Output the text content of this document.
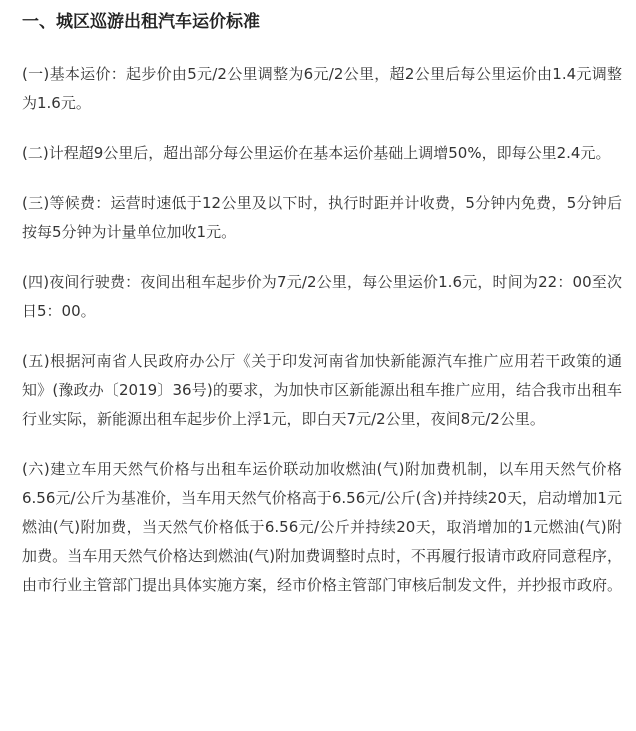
一、城区巡游出租汽车运价标准

(一)基本运价：起步价由5元/2公里调整为6元/2公里，超2公里后每公里运价由1.4元调整为1.6元。

(二)计程超9公里后，超出部分每公里运价在基本运价基础上调增50%，即每公里2.4元。

(三)等候费：运营时速低于12公里及以下时，执行时距并计收费，5分钟内免费，5分钟后按每5分钟为计量单位加收1元。

(四)夜间行驶费：夜间出租车起步价为7元/2公里，每公里运价1.6元，时间为22：00至次日5：00。

(五)根据河南省人民政府办公厅《关于印发河南省加快新能源汽车推广应用若干政策的通知》(豫政办〔2019〕36号)的要求，为加快市区新能源出租车推广应用，结合我市出租车行业实际，新能源出租车起步价上浮1元，即白天7元/2公里，夜间8元/2公里。

(六)建立车用天然气价格与出租车运价联动加收燃油(气)附加费机制，以车用天然气价格6.56元/公斤为基准价，当车用天然气价格高于6.56元/公斤(含)并持续20天，启动增加1元燃油(气)附加费，当天然气价格低于6.56元/公斤并持续20天，取消增加的1元燃油(气)附加费。当车用天然气价格达到燃油(气)附加费调整时点时，不再履行报请市政府同意程序，由市行业主管部门提出具体实施方案，经市价格主管部门审核后制发文件，并抄报市政府。
